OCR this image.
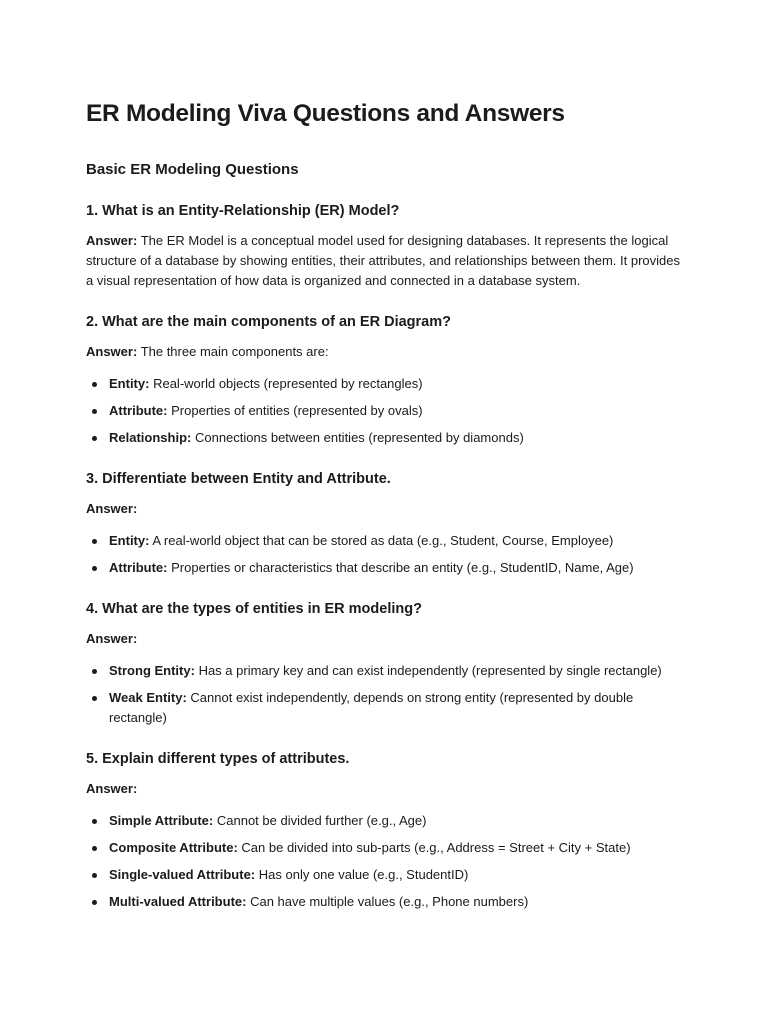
ER Modeling Viva Questions and Answers
Basic ER Modeling Questions
1. What is an Entity-Relationship (ER) Model?

Answer: The ER Model is a conceptual model used for designing databases. It represents the logical structure of a database by showing entities, their attributes, and relationships between them. It provides a visual representation of how data is organized and connected in a database system.

2. What are the main components of an ER Diagram?

Answer: The three main components are:

Entity: Real-world objects (represented by rectangles)
Attribute: Properties of entities (represented by ovals)
Relationship: Connections between entities (represented by diamonds)
3. Differentiate between Entity and Attribute.

Answer:

Entity: A real-world object that can be stored as data (e.g., Student, Course, Employee)
Attribute: Properties or characteristics that describe an entity (e.g., StudentID, Name, Age)
4. What are the types of entities in ER modeling?

Answer:

Strong Entity: Has a primary key and can exist independently (represented by single rectangle)
Weak Entity: Cannot exist independently, depends on strong entity (represented by double rectangle)
5. Explain different types of attributes.

Answer:

Simple Attribute: Cannot be divided further (e.g., Age)
Composite Attribute: Can be divided into sub-parts (e.g., Address = Street + City + State)
Single-valued Attribute: Has only one value (e.g., StudentID)
Multi-valued Attribute: Can have multiple values (e.g., Phone numbers)
